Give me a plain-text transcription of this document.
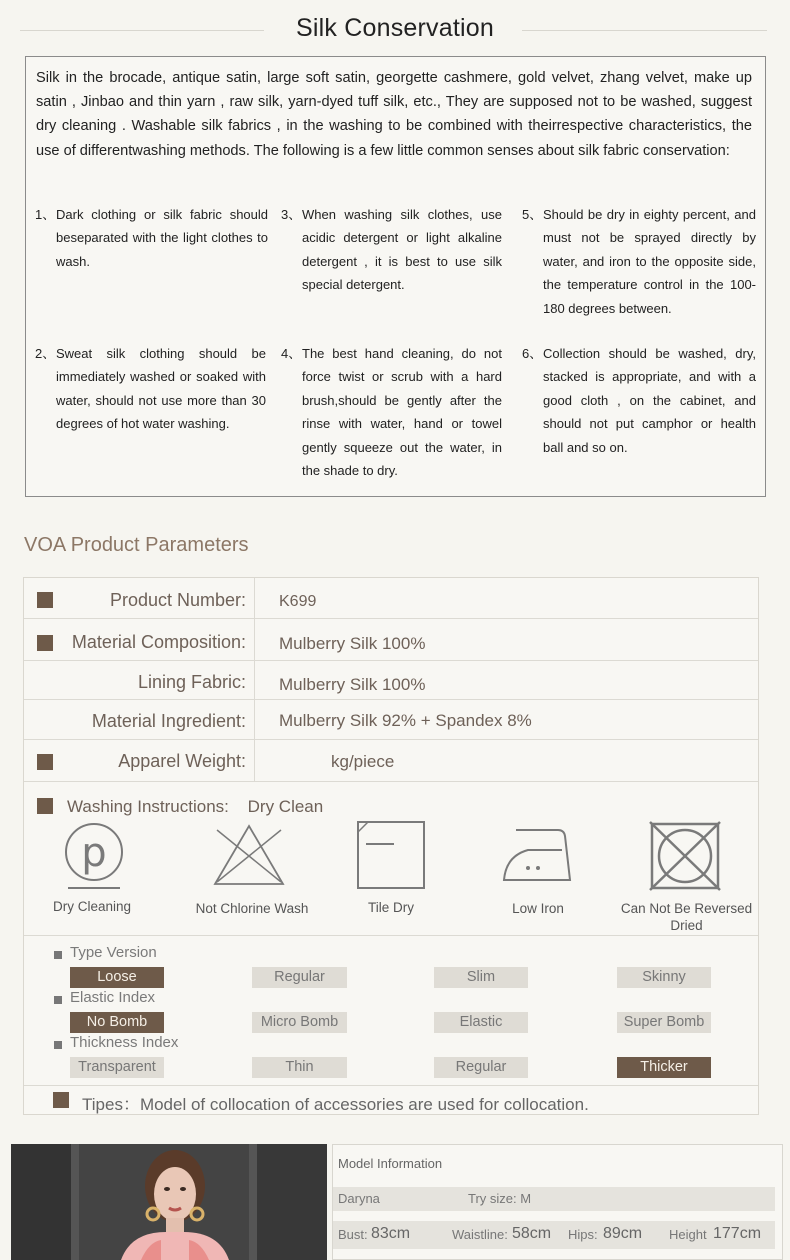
Silk Conservation

Silk in the brocade, antique satin, large soft satin, georgette cashmere, gold velvet, zhang velvet, make up satin , Jinbao and thin yarn , raw silk, yarn-dyed tuff silk, etc., They are supposed not to be washed, suggest dry cleaning . Washable silk fabrics , in the washing to be combined with theirrespective characteristics, the use of differentwashing methods. The following is a few little common senses about silk fabric conservation:

1、 Dark clothing or silk fabric should beseparated with the light clothes to wash.
2、 Sweat silk clothing should be immediately washed or soaked with water, should not use more than 30 degrees of hot water washing.
3、 When washing silk clothes, use acidic detergent or light alkaline detergent , it is best to use silk special detergent.
4、 The best hand cleaning, do not force twist or scrub with a hard brush,should be gently after the rinse with water, hand or towel gently squeeze out the water, in the shade to dry.
5、 Should be dry in eighty percent, and must not be sprayed directly by water, and iron to the opposite side, the temperature control in the 100-180 degrees between.
6、 Collection should be washed, dry, stacked is appropriate, and with a good cloth , on the cabinet, and should not put camphor or health ball and so on.
VOA Product Parameters
Product Number: K699
Material Composition: Mulberry Silk 100%
Lining Fabric: Mulberry Silk 100%
Material Ingredient: Mulberry Silk 92% + Spandex 8%
Apparel Weight:	kg/piece
Washing Instructions: Dry Clean
p
Dry Cleaning	Not Chlorine Wash	Tile Dry	Low Iron	Can Not Be Reversed Dried
Type Version
Loose	Regular	Slim	Skinny
Elastic Index
No Bomb	Micro Bomb	Elastic	Super Bomb
Thickness Index
Transparent	Thin	Regular	Thicker
Tipes：Model of collocation of accessories are used for collocation.
Model Information
Daryna	Try size: M
Bust: 83cm	Waistline: 58cm Hips: 89cm Height 177cm
